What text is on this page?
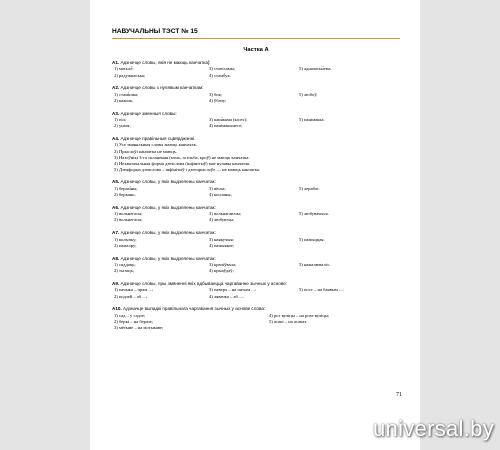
НАВУЧАЛЬНЫ ТЭСТ № 15
Частка А
А1. Адзначце словы, якія не маюць канчатка]:
1) масьлё́;	3) стовісамы;	5) адначасьн́ема.
2) радужнаська;	4) стамб́ук.
А2. Адзначце словы з нулявым канчаткам:
1) стамі́шка;	3) боя;	5) любоў.
2) наколь;	4) ўбачу;
А3. Адзначце зменныя словы:
1) піл;	3) каня́кама (кiсех);	5) панімакка.
2) уніля;	4) панімакынесе;
А4. Адзначце правільныя сцвярджэнні.
1) Усе змяняльныя словы маюць канчатак.
2) Прыслоўі канчатка не маюць.
3) Назоўнікі 3-га скланення (моль, асельба, кроў) не маюць канчатка.
4) Незакончальная форма дзеяслова (інфінітыў) мае нулявы канчатак.
5) Дзеяформа дзеяслова – інфінітыў і дзеепрыслоўе — не маюць канчатка.
А5. Адзначце словы, у якіх выдзелены канчатак:
1) беразі́ны;	3) вёска;	5) лерабоі.
2) беркань;	4) коспаны;
А6. Адзначце словы, у якіх выдзелены канчатак:
1) вольнегасы;	3) вольнагаючы;	5) любувачыся.
2) вольнегасы;	4) любуючы;
А7. Адзначце словы, у якіх выдзелены канчатак:
1) колычку;	3) наякучыя;	5) памыццая.
2) памалру;	4) памыякое;
А8. Адзначце словы, у якіх выдзелены канчатак:
1) сяддаць;	3) крапіўвала;	5) намалюваліз.
2) тытаць;	4) крыаўдаў;
А9. Адзначце словы, пры змяненні якіх адбываецца чаргаванне зычных у аснове:
1) пачыка – прам ...;	3) паверх – на пятым ...;	5) пост – на баявым ...;
2) подзей – аб ...;	4) лявачка – аб ...;
А10. Адзначце выпадкі правільнага чаргавання зычных у аснове слова:
1) сад – у садзе;	4) рог вуліцы – на розе вуліцы;
2) беркі – на беразе;	5) асакі – на асаках
3) мётыве – на мотыкаве;
71
universal.by
